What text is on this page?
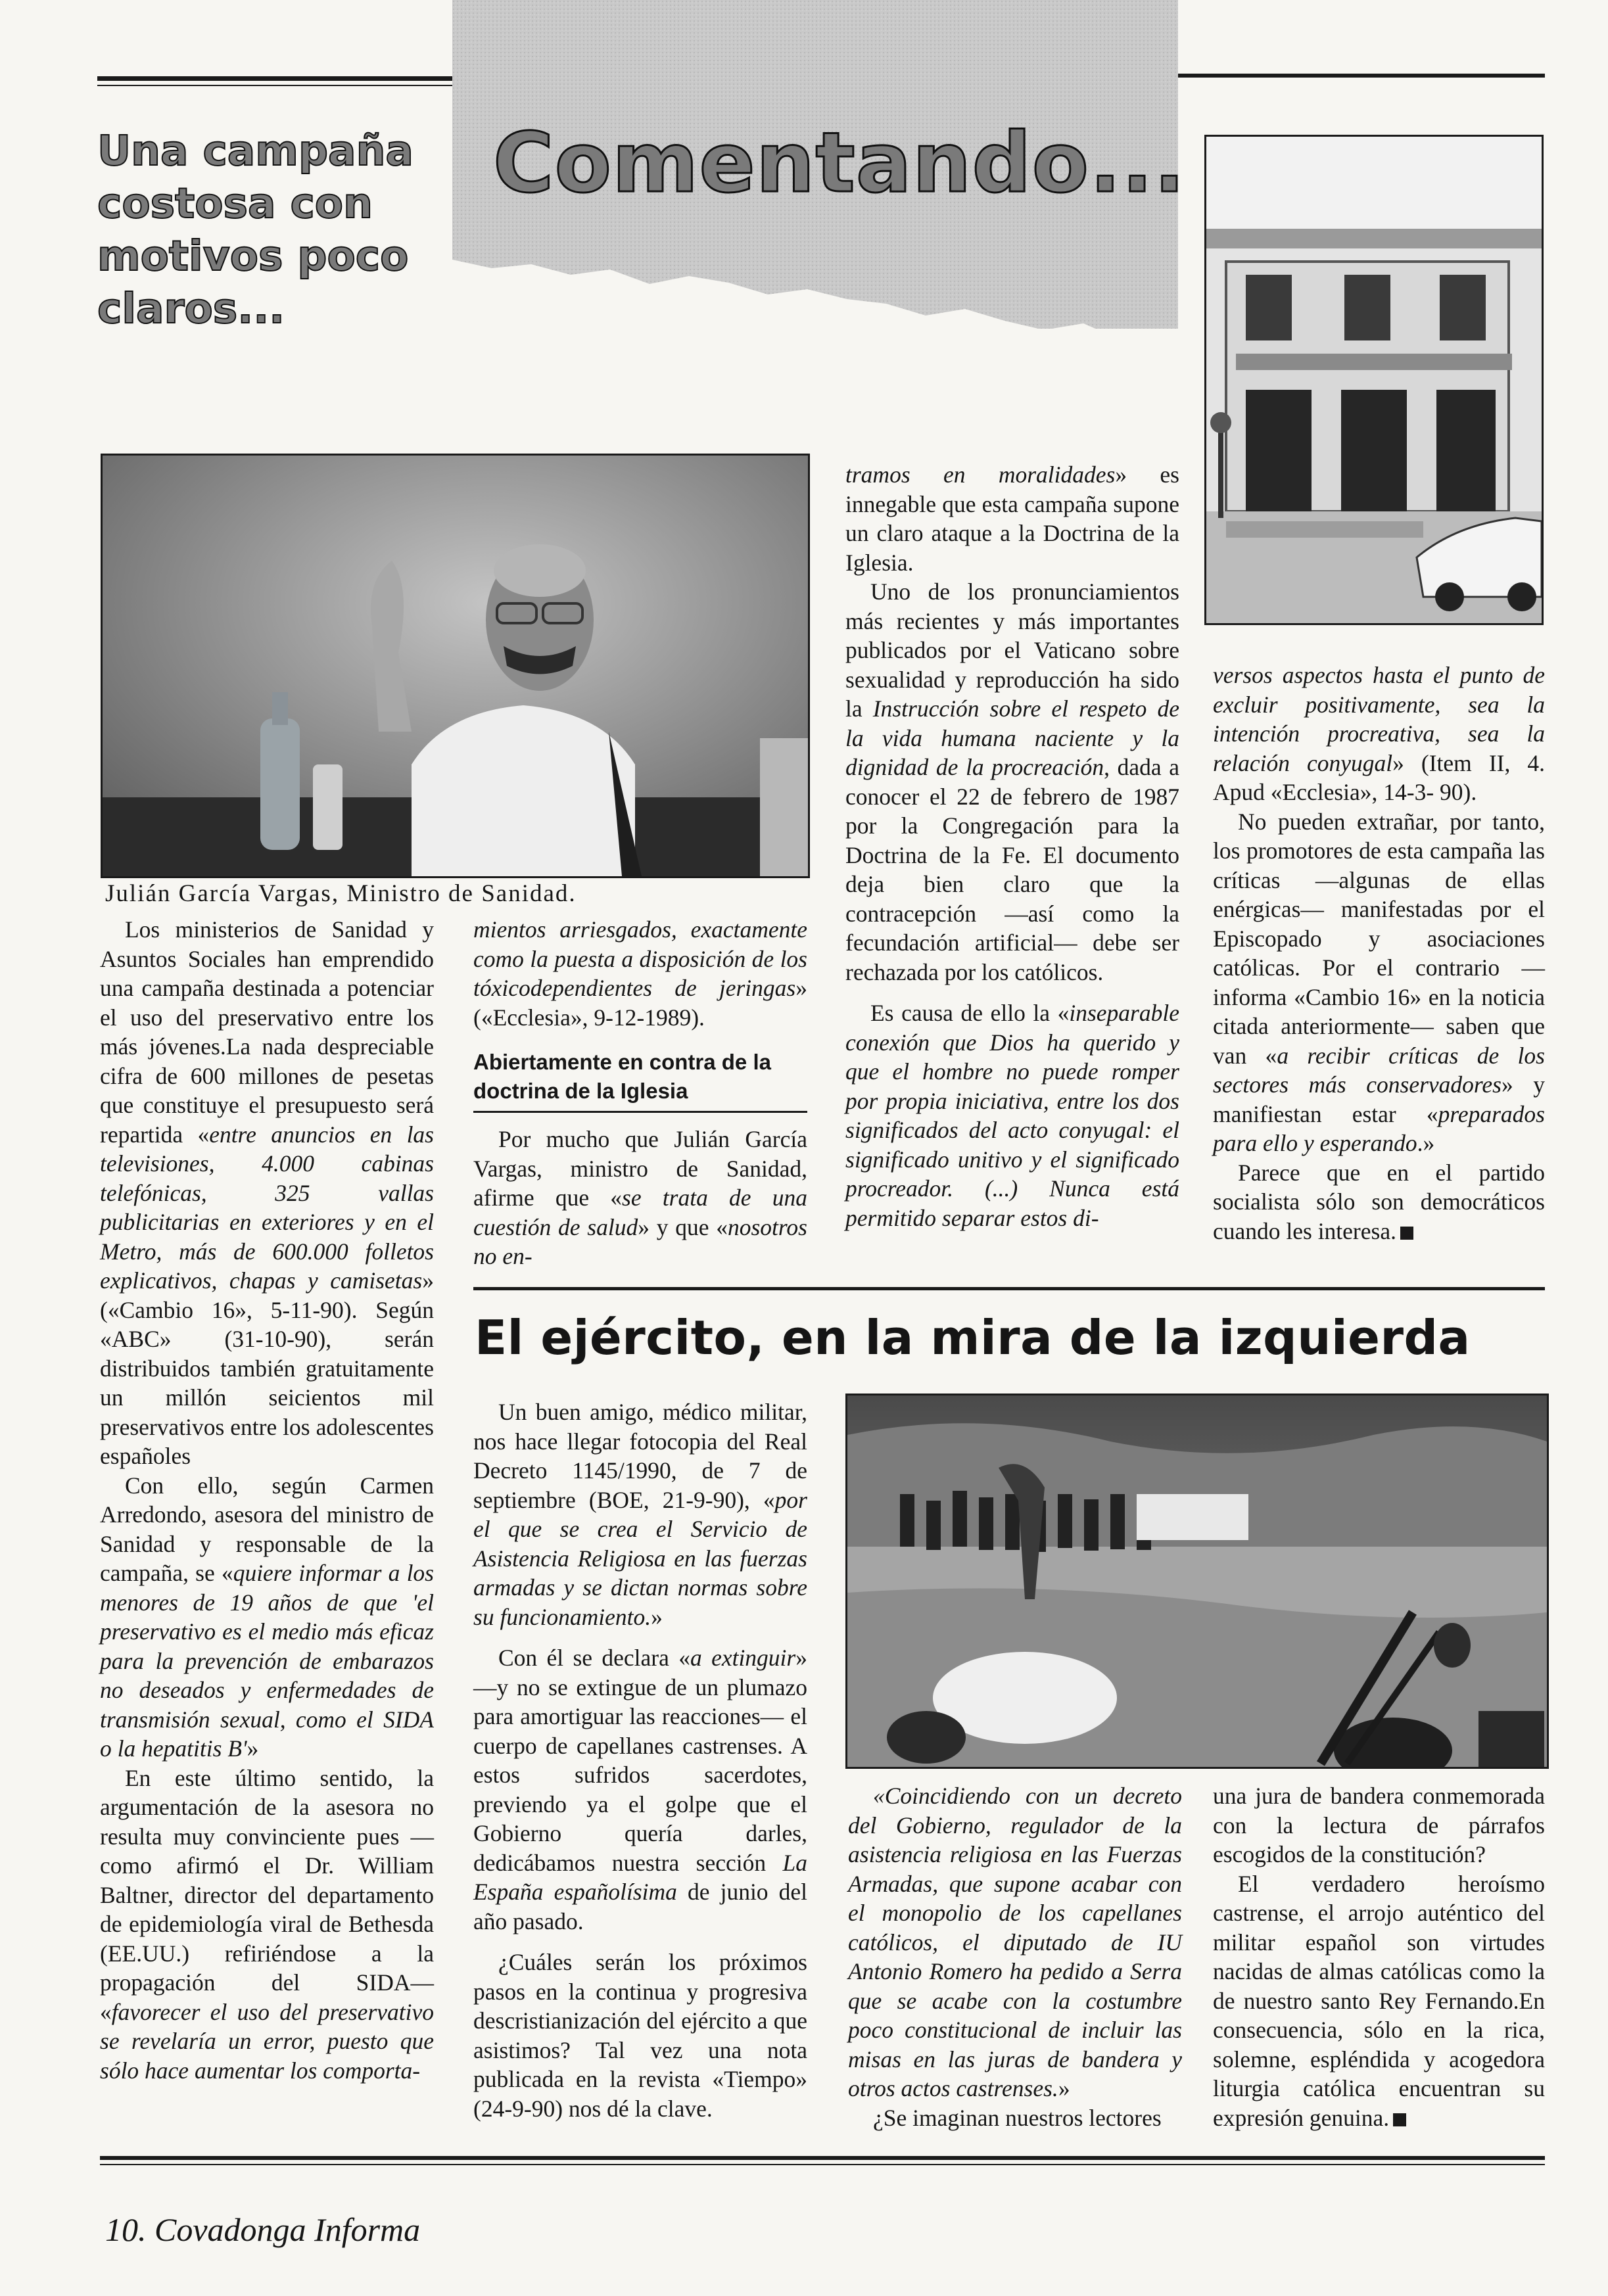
Comentando...
Una campaña costosa con motivos poco claros...
Julián García Vargas, Ministro de Sanidad.

Los ministerios de Sanidad y Asuntos Sociales han emprendido una campaña destinada a potenciar el uso del preservativo entre los más jóvenes.La nada despreciable cifra de 600 millones de pesetas que constituye el presupuesto será repartida «entre anuncios en las televisiones, 4.000 cabinas telefónicas, 325 vallas publicitarias en exteriores y en el Metro, más de 600.000 folletos explicativos, chapas y camisetas» («Cambio 16», 5-11-90). Según «ABC» (31-10-90), serán distribuidos también gratuitamente un millón seicientos mil preservativos entre los adolescentes españoles

Con ello, según Carmen Arredondo, asesora del ministro de Sanidad y responsable de la campaña, se «quiere informar a los menores de 19 años de que 'el preservativo es el medio más eficaz para la prevención de embarazos no deseados y enfermedades de transmisión sexual, como el SIDA o la hepatitis B'»

En este último sentido, la argumentación de la asesora no resulta muy convinciente pues —como afirmó el Dr. William Baltner, director del departamento de epidemiología viral de Bethesda (EE.UU.) refiriéndose a la propagación del SIDA— «favorecer el uso del preservativo se revelaría un error, puesto que sólo hace aumentar los comporta-

mientos arriesgados, exactamente como la puesta a disposición de los tóxicodependientes de jeringas» («Ecclesia», 9-12-1989).

Abiertamente en contra de la doctrina de la Iglesia

Por mucho que Julián García Vargas, ministro de Sanidad, afirme que «se trata de una cuestión de salud» y que «nosotros no en-

tramos en moralidades» es innegable que esta campaña supone un claro ataque a la Doctrina de la Iglesia.

Uno de los pronunciamientos más recientes y más importantes publicados por el Vaticano sobre sexualidad y reproducción ha sido la Instrucción sobre el respeto de la vida humana naciente y la dignidad de la procreación, dada a conocer el 22 de febrero de 1987 por la Congregación para la Doctrina de la Fe. El documento deja bien claro que la contracepción —así como la fecundación artificial— debe ser rechazada por los católicos.

Es causa de ello la «inseparable conexión que Dios ha querido y que el hombre no puede romper por propia iniciativa, entre los dos significados del acto conyugal: el significado unitivo y el significado procreador. (...) Nunca está permitido separar estos di-

versos aspectos hasta el punto de excluir positivamente, sea la intención procreativa, sea la relación conyugal» (Item II, 4. Apud «Ecclesia», 14-3- 90).

No pueden extrañar, por tanto, los promotores de esta campaña las críticas —algunas de ellas enérgicas— manifestadas por el Episcopado y asociaciones católicas. Por el contrario —informa «Cambio 16» en la noticia citada anteriormente— saben que van «a recibir críticas de los sectores más conservadores» y manifiestan estar «preparados para ello y esperando.»

Parece que en el partido socialista sólo son democráticos cuando les interesa.

El ejército, en la mira de la izquierda

Un buen amigo, médico militar, nos hace llegar fotocopia del Real Decreto 1145/1990, de 7 de septiembre (BOE, 21-9-90), «por el que se crea el Servicio de Asistencia Religiosa en las fuerzas armadas y se dictan normas sobre su funcionamiento.»

Con él se declara «a extinguir» —y no se extingue de un plumazo para amortiguar las reacciones— el cuerpo de capellanes castrenses. A estos sufridos sacerdotes, previendo ya el golpe que el Gobierno quería darles, dedicábamos nuestra sección La España españolísima de junio del año pasado.

¿Cuáles serán los próximos pasos en la continua y progresiva descristianización del ejército a que asistimos? Tal vez una nota publicada en la revista «Tiempo» (24-9-90) nos dé la clave.

«Coincidiendo con un decreto del Gobierno, regulador de la asistencia religiosa en las Fuerzas Armadas, que supone acabar con el monopolio de los capellanes católicos, el diputado de IU Antonio Romero ha pedido a Serra que se acabe con la costumbre poco constitucional de incluir las misas en las juras de bandera y otros actos castrenses.»

¿Se imaginan nuestros lectores

una jura de bandera conmemorada con la lectura de párrafos escogidos de la constitución?

El verdadero heroísmo castrense, el arrojo auténtico del militar español son virtudes nacidas de almas católicas como la de nuestro santo Rey Fernando.En consecuencia, sólo en la rica, solemne, espléndida y acogedora liturgia católica encuentran su expresión genuina.

10. Covadonga Informa
